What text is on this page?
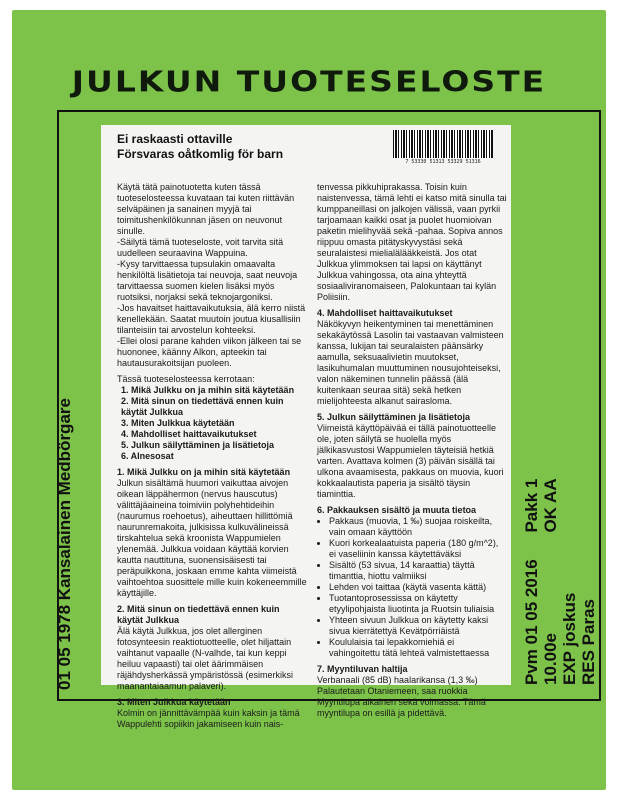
JULKUN TUOTESELOSTE
Ei raskaasti ottaville
Försvaras oåtkomlig för barn
7 53330 51313 53329 51316

Käytä tätä painotuotetta kuten tässä tuoteselosteessa kuvataan tai kuten riittävän selväpäinen ja sanainen myyjä tai toimitushenkilökunnan jäsen on neuvonut sinulle.

-Säilytä tämä tuoteseloste, voit tarvita sitä uudelleen seuraavina Wappuina.

-Kysy tarvittaessa tupsulakin omaavalta henkilöltä lisätietoja tai neuvoja, saat neuvoja tarvittaessa suomen kielen lisäksi myös ruotsiksi, norjaksi sekä teknojargoniksi.

-Jos havaitset haittavaikutuksia, älä kerro niistä kenellekään. Saatat muutoin joutua kiusallisiin tilanteisiin tai arvostelun kohteeksi.

-Ellei olosi parane kahden viikon jälkeen tai se huononee, käänny Alkon, apteekin tai hautausurakoitsijan puoleen.

Tässä tuoteselosteessa kerrotaan:

1. Mikä Julkku on ja mihin sitä käytetään
2. Mitä sinun on tiedettävä ennen kuin käytät Julkkua
3. Miten Julkkua käytetään
4. Mahdolliset haittavaikutukset
5. Julkun säilyttäminen ja lisätietoja
6. Alnesosat

1. Mikä Julkku on ja mihin sitä käytetään

Julkun sisältämä huumori vaikuttaa aivojen oikean läppähermon (nervus hauscutus) välittäjäaineina toimiviin polyhehtideihin (naurumus roehoetus), aiheuttaen hillittömiä naurunremakoita, julkisissa kulkuvälineissä tirskahtelua sekä kroonista Wappumielen ylenemää. Julkkua voidaan käyttää korvien kautta nauttituna, suonensisäisesti tai peräpuikkona, joskaan emme kahta viimeistä vaihtoehtoa suosittele mille kuin kokeneemmille käyttäjille.

2. Mitä sinun on tiedettävä ennen kuin käytät Julkkua

Älä käytä Julkkua, jos olet allerginen fotosynteesin reaktiotuotteelle, olet hiljattain vaihtanut vapaalle (N-valhde, tai kun keppi heiluu vapaasti) tai olet äärimmäisen räjähdysherkässä ympäristössä (esimerkiksi maanantaiaamun palaveri).

3. Miten Julkkua käytetään

Kolmin on jännittävämpää kuin kaksin ja tämä Wappulehti sopiikin jakamiseen kuin nais-

tenvessa pikkuhiprakassa. Toisin kuin naistenvessa, tämä lehti ei katso mitä sinulla tai kumppaneillasi on jalkojen välissä, vaan pyrkii tarjoamaan kaikki osat ja puolet huomioivan paketin mielihyvää sekä -pahaa. Sopiva annos riippuu omasta pitätyskyvystäsi sekä seuralaistesi mielialälääkkeistä. Jos otat Julkkua ylimmoksen tai lapsi on käyttänyt Julkkua vahingossa, ota aina yhteyttä sosiaaliviranomaiseen, Palokuntaan tai kylän Poliisiin.

4. Mahdolliset haittavaikutukset

Näkökyvyn heikentyminen tai menettäminen sekakäytössä Lasolin tai vastaavan valmisteen kanssa, lukijan tai seuralaisten päänsärky aamulla, seksuaalivietin muutokset, lasikuhumalan muuttuminen nousujohteiseksi, valon näkeminen tunnelin päässä (älä kuitenkaan seuraa sitä) sekä hetken mielijohteesta alkanut sairasloma.

5. Julkun säilyttäminen ja lisätietoja

Viimeistä käyttöpäivää ei tällä painotuotteelle ole, joten säilytä se huolella myös jälkikasvustosi Wappumielen täyteisiä hetkiä varten. Avattava kolmen (3) päivän sisällä tai ulkona avaamisesta, pakkaus on muovia, kuori kokkaalautista paperia ja sisältö täysin tiaminttia.

6. Pakkauksen sisältö ja muuta tietoa

• Pakkaus (muovia, 1 ‰) suojaa roiskeilta, vain omaan käyttöön
• Kuori korkealaatuista paperia (180 g/m^2), ei vaseliinin kanssa käytettäväksi
• Sisältö (53 sivua, 14 karaattia) täyttä timanttia, hiottu valmiiksi
• Lehden voi taittaa (käytä vasenta kättä)
• Tuotantoprosessissa on käytetty etyylipohjaista liuotinta ja Ruotsin tuliaisia
• Yhteen sivuun Julkkua on käytetty kaksi sivua kierrätettyä Kevätpörriäistä
• Koululaisia tai lepakkomiehiä ei vahingoitettu tätä lehteä valmistettaessa

7. Myyntiluvan haltija

Verbanaali (85 dB) haalarikansa (1,3 ‰) Palautetaan Otaniemeen, saa ruokkia Myyntilupa aikainen sekä voimassa. Tämä myyntilupa on esillä ja pidettävä.

01 05 1978 Kansalainen Medbörgare	Pvm 01 05 2016 10.00e

Pakk 1 OK AA

EXP joskus RES Paras
